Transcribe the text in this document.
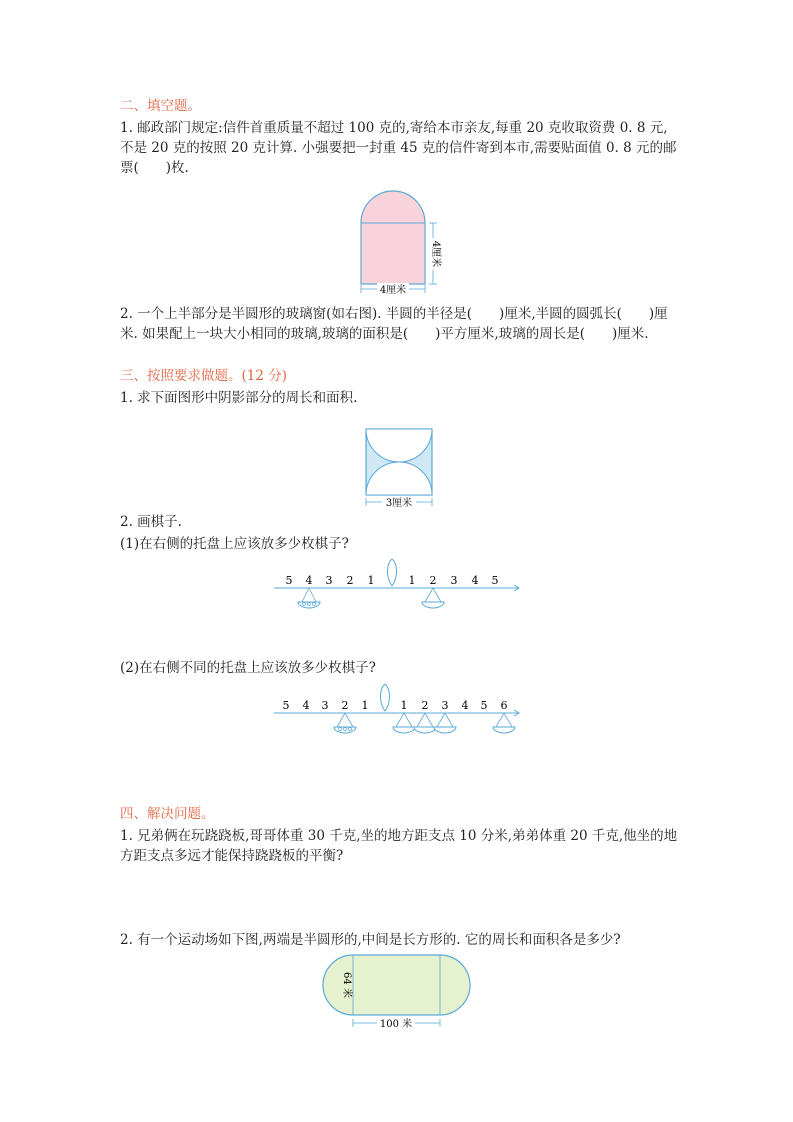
二、填空题。
1. 邮政部门规定:信件首重质量不超过 100 克的,寄给本市亲友,每重 20 克收取资费 0. 8 元,不是 20 克的按照 20 克计算. 小强要把一封重 45 克的信件寄到本市,需要贴面值 0. 8 元的邮票(　　)枚.
4厘米
4厘米
2. 一个上半部分是半圆形的玻璃窗(如右图). 半圆的半径是(　　)厘米,半圆的圆弧长(　　)厘米. 如果配上一块大小相同的玻璃,玻璃的面积是(　　)平方厘米,玻璃的周长是(　　)厘米.
三、按照要求做题。(12 分)
1. 求下面图形中阴影部分的周长和面积.
3厘米
2. 画棋子.
(1)在右侧的托盘上应该放多少枚棋子?
5 4 3 2 1	1 2 3 4 5
(2)在右侧不同的托盘上应该放多少枚棋子?
5 4 3 2 1	1 2 3 4 5 6
四、解决问题。
1. 兄弟俩在玩跷跷板,哥哥体重 30 千克,坐的地方距支点 10 分米,弟弟体重 20 千克,他坐的地方距支点多远才能保持跷跷板的平衡?
2. 有一个运动场如下图,两端是半圆形的,中间是长方形的. 它的周长和面积各是多少?
100 米
64 米
